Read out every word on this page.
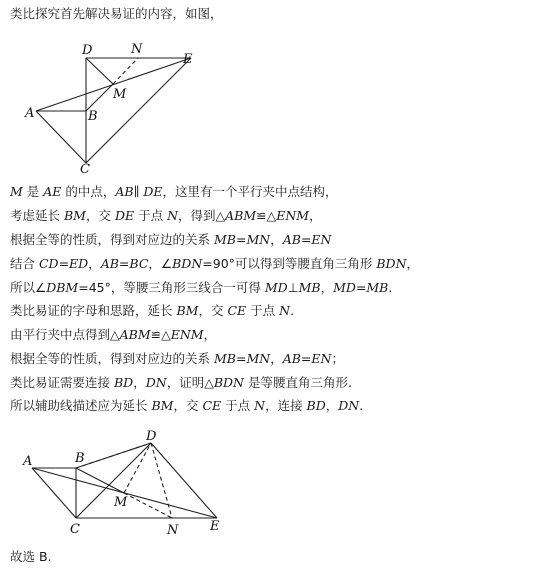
类比探究首先解决易证的内容，如图，
D	N
E
M
A	B
C
M 是 AE 的中点，AB∥ DE，这里有一个平行夹中点结构，
考虑延长 BM，交 DE 于点 N，得到△ABM≌△ENM，
根据全等的性质，得到对应边的关系 MB=MN，AB=EN
结合 CD=ED，AB=BC，∠BDN=90°可以得到等腰直角三角形 BDN，
所以∠DBM=45°，等腰三角形三线合一可得 MD⊥MB，MD=MB.
类比易证的字母和思路，延长 BM，交 CE 于点 N.
由平行夹中点得到△ABM≌△ENM，
根据全等的性质，得到对应边的关系 MB=MN，AB=EN；
类比易证需要连接 BD，DN，证明△BDN 是等腰直角三角形.
所以辅助线描述应为延长 BM，交 CE 于点 N，连接 BD，DN.
D
A	B
M
C	N E
故选 B.
